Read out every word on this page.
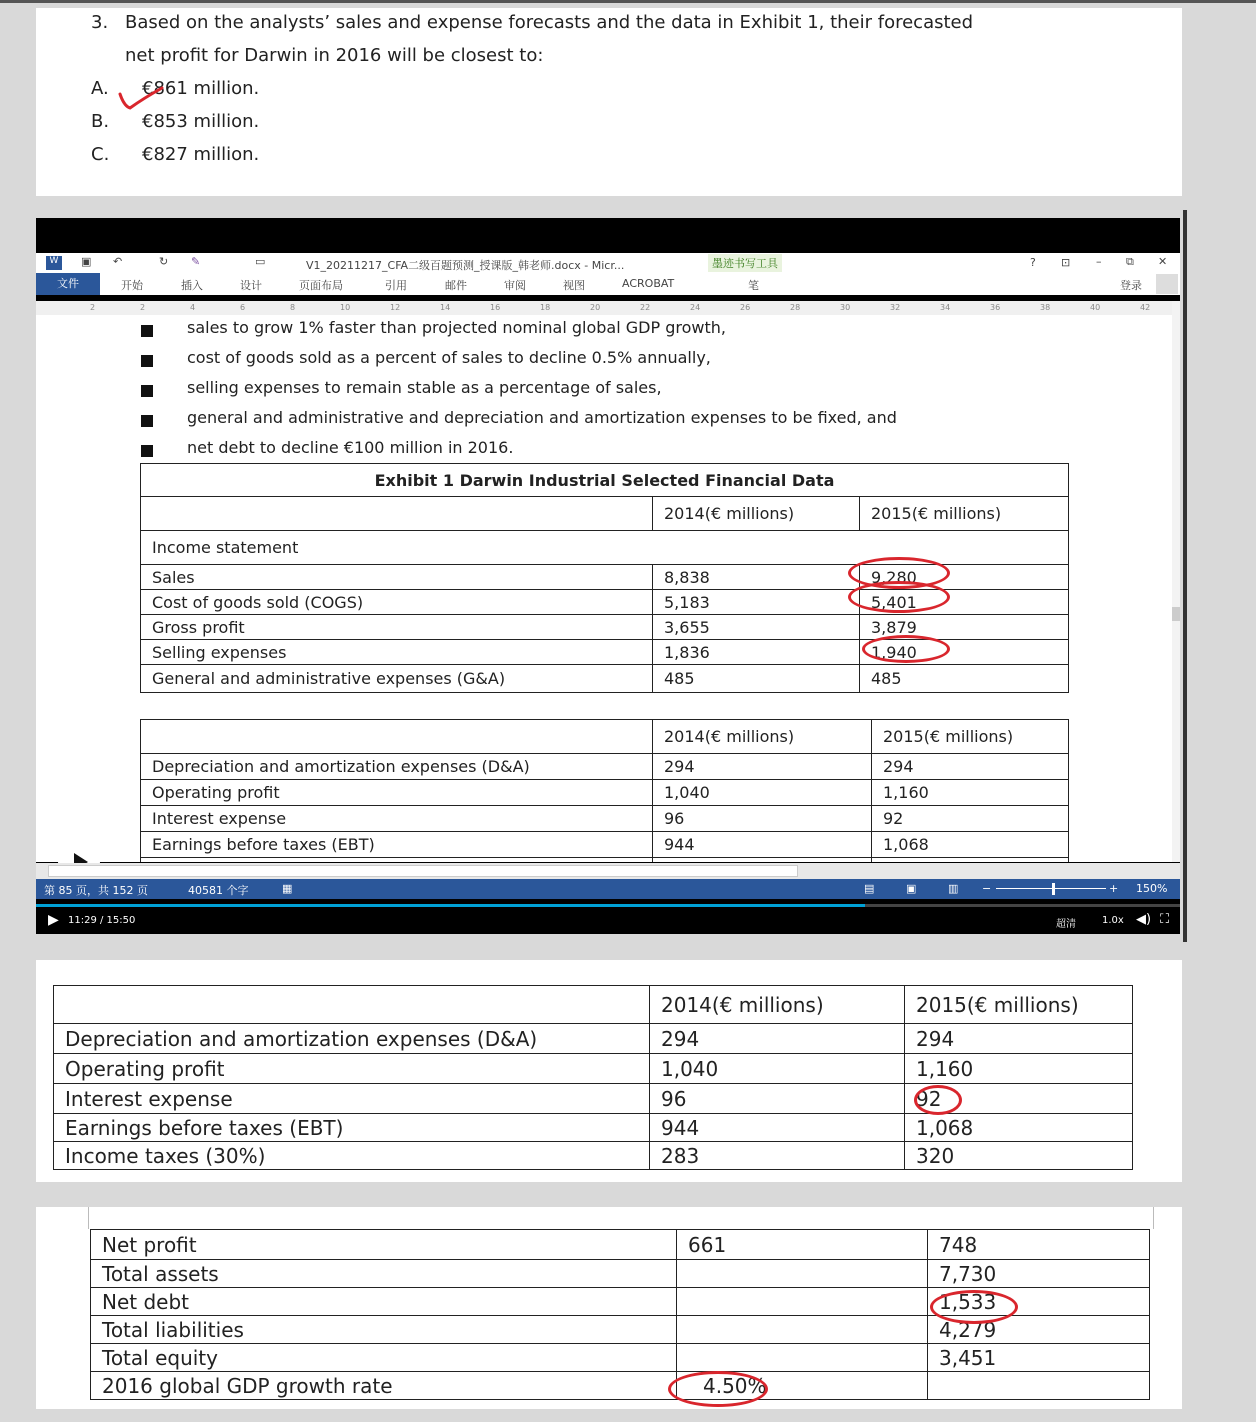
3. Based on the analysts’ sales and expense forecasts and the data in Exhibit 1, their forecasted
net profit for Darwin in 2016 will be closest to:
A. €861 million.
B. €853 million.
C. €827 million.
W	▣ ↶	↻ ✎	▭	V1_20211217_CFA二级百题预测_授课版_韩老师.docx - Micr...	墨迹书写工具	? ⊡ – ⧉ ✕
文件	开始	插入	设计	页面布局	引用	邮件	审阅	视图	ACROBAT	笔	登录
2	2	4	6	8	10	12	14	16	18	20	22	24	26	28	30	32	34	36	38	40	42
sales to grow 1% faster than projected nominal global GDP growth,
cost of goods sold as a percent of sales to decline 0.5% annually,
selling expenses to remain stable as a percentage of sales,
general and administrative and depreciation and amortization expenses to be fixed, and
net debt to decline €100 million in 2016.
Exhibit 1 Darwin Industrial Selected Financial Data		
	2014(€ millions)	2015(€ millions)
Income statement		
Sales	8,838	9,280
Cost of goods sold (COGS)	5,183	5,401
Gross profit	3,655	3,879
Selling expenses	1,836	1,940
General and administrative expenses (G&A)	485	485
	2014(€ millions)	2015(€ millions)
Depreciation and amortization expenses (D&A)	294	294
Operating profit	1,040	1,160
Interest expense	96	92
Earnings before taxes (EBT)	944	1,068

第 85 页，共 152 页	40581 个字	▦	▤	▣	▥ −	+ 150%
▶ 11:29 / 15:50	超清	1.0x ◀) ⛶
	2014(€ millions)	2015(€ millions)
Depreciation and amortization expenses (D&A)	294	294
Operating profit	1,040	1,160
Interest expense	96	92
Earnings before taxes (EBT)	944	1,068
Income taxes (30%)	283	320
Net profit	661	748
Total assets		7,730
Net debt		1,533
Total liabilities		4,279
Total equity		3,451
2016 global GDP growth rate	4.50%	
